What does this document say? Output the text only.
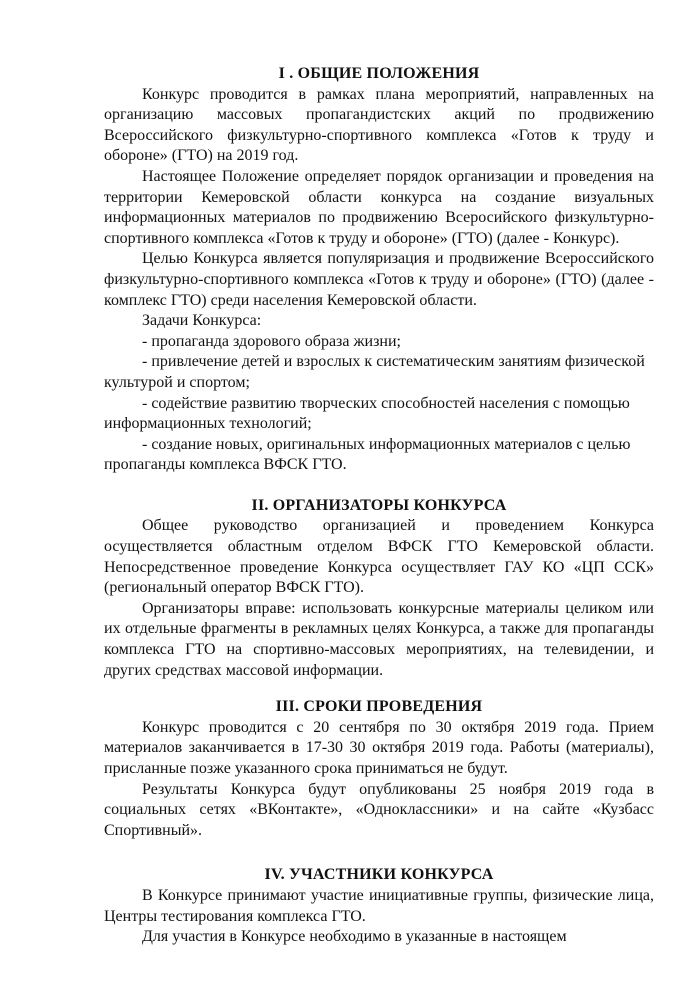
I . ОБЩИЕ ПОЛОЖЕНИЯ

Конкурс проводится в рамках плана мероприятий, направленных на организацию массовых пропагандистских акций по продвижению Всероссийского физкультурно-спортивного комплекса «Готов к труду и обороне» (ГТО) на 2019 год.

Настоящее Положение определяет порядок организации и проведения на территории Кемеровской области конкурса на создание визуальных информационных материалов по продвижению Всеросийского физкультурно-спортивного комплекса «Готов к труду и обороне» (ГТО) (далее - Конкурс).

Целью Конкурса является популяризация и продвижение Всероссийского физкультурно-спортивного комплекса «Готов к труду и обороне» (ГТО) (далее - комплекс ГТО) среди населения Кемеровской области.

Задачи Конкурса:

- пропаганда здорового образа жизни;

- привлечение детей и взрослых к систематическим занятиям физической культурой и спортом;

- содействие развитию творческих способностей населения с помощью информационных технологий;

- создание новых, оригинальных информационных материалов с целью пропаганды комплекса ВФСК ГТО.

II. ОРГАНИЗАТОРЫ КОНКУРСА

Общее руководство организацией и проведением Конкурса осуществляется областным отделом ВФСК ГТО Кемеровской области. Непосредственное проведение Конкурса осуществляет ГАУ КО «ЦП ССК» (региональный оператор ВФСК ГТО).

Организаторы вправе: использовать конкурсные материалы целиком или их отдельные фрагменты в рекламных целях Конкурса, а также для пропаганды комплекса ГТО на спортивно-массовых мероприятиях, на телевидении, и других средствах массовой информации.

III. СРОКИ ПРОВЕДЕНИЯ

Конкурс проводится с 20 сентября по 30 октября 2019 года. Прием материалов заканчивается в 17-30 30 октября 2019 года. Работы (материалы), присланные позже указанного срока приниматься не будут.

Результаты Конкурса будут опубликованы 25 ноября 2019 года в социальных сетях «ВКонтакте», «Одноклассники» и на сайте «Кузбасс Спортивный».

IV. УЧАСТНИКИ КОНКУРСА

В Конкурсе принимают участие инициативные группы, физические лица, Центры тестирования комплекса ГТО.

Для участия в Конкурсе необходимо в указанные в настоящем
